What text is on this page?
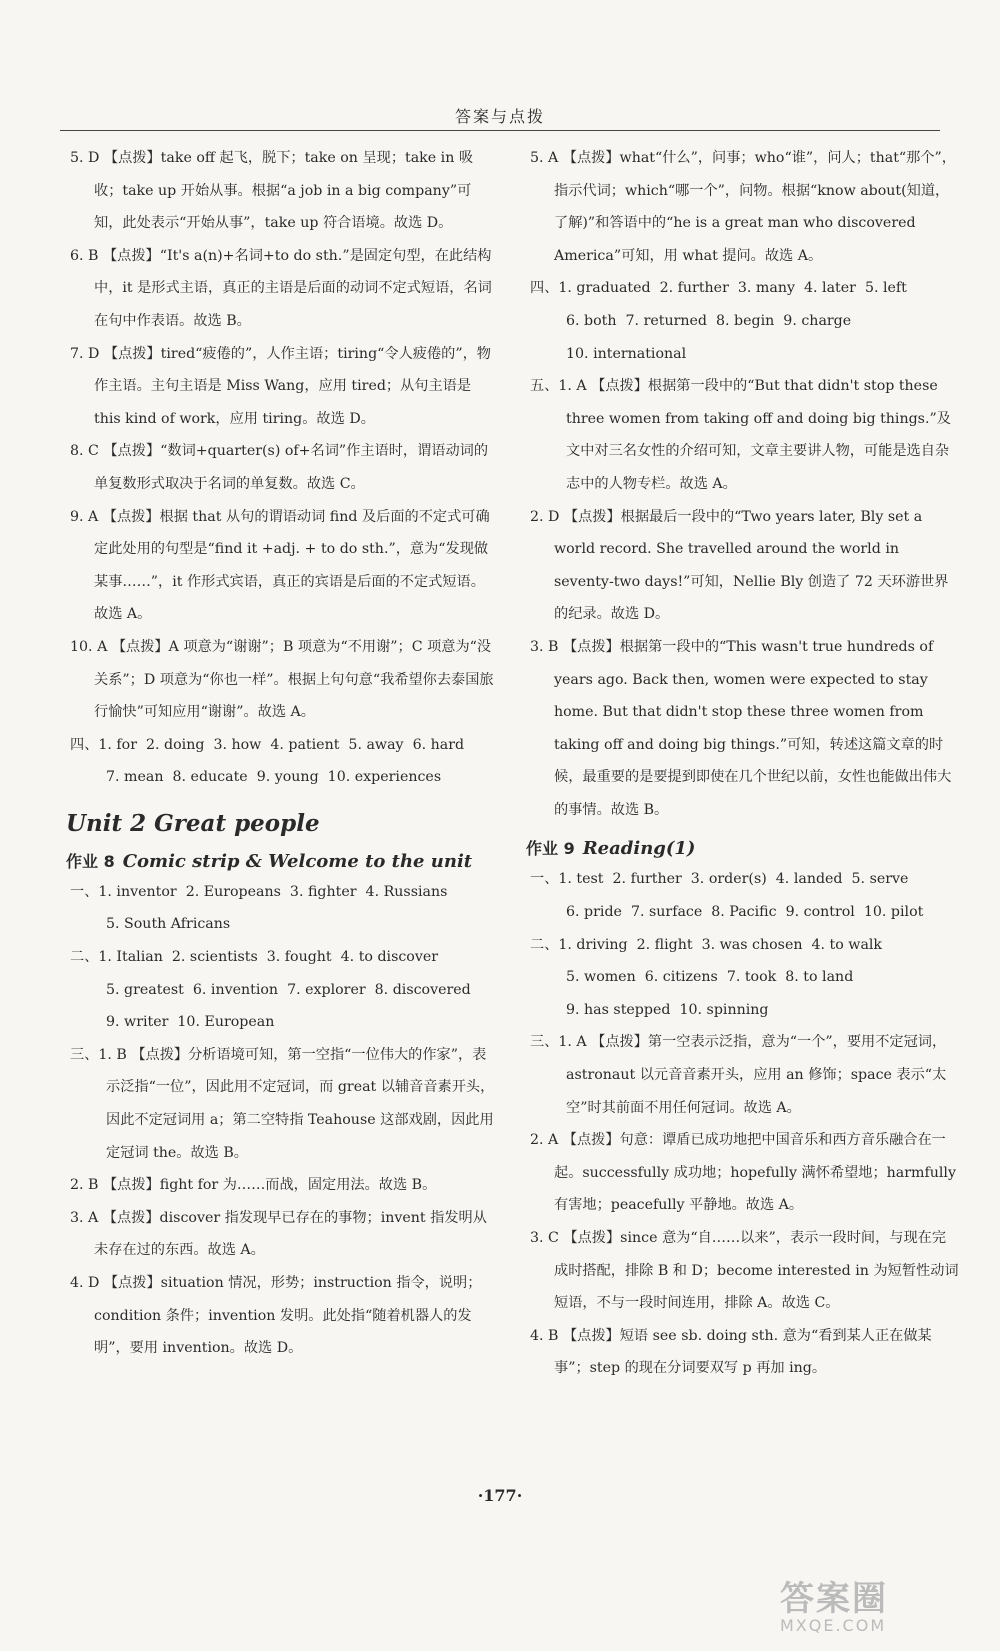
答案与点拨

5. D 【点拨】take off 起飞，脱下；take on 呈现；take in 吸收；take up 开始从事。根据“a job in a big company”可知，此处表示“开始从事”，take up 符合语境。故选 D。

6. B 【点拨】“It's a(n)+名词+to do sth.”是固定句型，在此结构中，it 是形式主语，真正的主语是后面的动词不定式短语，名词在句中作表语。故选 B。

7. D 【点拨】tired“疲倦的”，人作主语；tiring“令人疲倦的”，物作主语。主句主语是 Miss Wang，应用 tired；从句主语是 this kind of work，应用 tiring。故选 D。

8. C 【点拨】“数词+quarter(s) of+名词”作主语时，谓语动词的单复数形式取决于名词的单复数。故选 C。

9. A 【点拨】根据 that 从句的谓语动词 find 及后面的不定式可确定此处用的句型是“find it +adj. + to do sth.”，意为“发现做某事……”，it 作形式宾语，真正的宾语是后面的不定式短语。故选 A。

10. A 【点拨】A 项意为“谢谢”；B 项意为“不用谢”；C 项意为“没关系”；D 项意为“你也一样”。根据上句句意“我希望你去泰国旅行愉快”可知应用“谢谢”。故选 A。

四、1. for  2. doing  3. how  4. patient  5. away  6. hard
7. mean  8. educate  9. young  10. experiences

Unit 2 Great people
作业 8 Comic strip & Welcome to the unit

一、1. inventor  2. Europeans  3. fighter  4. Russians
5. South Africans

二、1. Italian  2. scientists  3. fought  4. to discover
5. greatest  6. invention  7. explorer  8. discovered
9. writer  10. European

三、1. B 【点拨】分析语境可知，第一空指“一位伟大的作家”，表示泛指“一位”，因此用不定冠词，而 great 以辅音音素开头，因此不定冠词用 a；第二空特指 Teahouse 这部戏剧，因此用定冠词 the。故选 B。

2. B 【点拨】fight for 为……而战，固定用法。故选 B。

3. A 【点拨】discover 指发现早已存在的事物；invent 指发明从未存在过的东西。故选 A。

4. D 【点拨】situation 情况，形势；instruction 指令，说明；condition 条件；invention 发明。此处指“随着机器人的发明”，要用 invention。故选 D。

5. A 【点拨】what“什么”，问事；who“谁”，问人；that“那个”，指示代词；which“哪一个”，问物。根据“know about(知道，了解)”和答语中的“he is a great man who discovered America”可知，用 what 提问。故选 A。

四、1. graduated  2. further  3. many  4. later  5. left
6. both  7. returned  8. begin  9. charge
10. international

五、1. A 【点拨】根据第一段中的“But that didn't stop these three women from taking off and doing big things.”及文中对三名女性的介绍可知，文章主要讲人物，可能是选自杂志中的人物专栏。故选 A。

2. D 【点拨】根据最后一段中的“Two years later, Bly set a world record. She travelled around the world in seventy-two days!”可知，Nellie Bly 创造了 72 天环游世界的纪录。故选 D。

3. B 【点拨】根据第一段中的“This wasn't true hundreds of years ago. Back then, women were expected to stay home. But that didn't stop these three women from taking off and doing big things.”可知，转述这篇文章的时候，最重要的是要提到即使在几个世纪以前，女性也能做出伟大的事情。故选 B。

作业 9 Reading(1)

一、1. test  2. further  3. order(s)  4. landed  5. serve
6. pride  7. surface  8. Pacific  9. control  10. pilot

二、1. driving  2. flight  3. was chosen  4. to walk
5. women  6. citizens  7. took  8. to land
9. has stepped  10. spinning

三、1. A 【点拨】第一空表示泛指，意为“一个”，要用不定冠词，astronaut 以元音音素开头，应用 an 修饰；space 表示“太空”时其前面不用任何冠词。故选 A。

2. A 【点拨】句意：谭盾已成功地把中国音乐和西方音乐融合在一起。successfully 成功地；hopefully 满怀希望地；harmfully 有害地；peacefully 平静地。故选 A。

3. C 【点拨】since 意为“自……以来”，表示一段时间，与现在完成时搭配，排除 B 和 D；become interested in 为短暂性动词短语，不与一段时间连用，排除 A。故选 C。

4. B 【点拨】短语 see sb. doing sth. 意为“看到某人正在做某事”；step 的现在分词要双写 p 再加 ing。

·177·
答案圈
MXQE.COM
